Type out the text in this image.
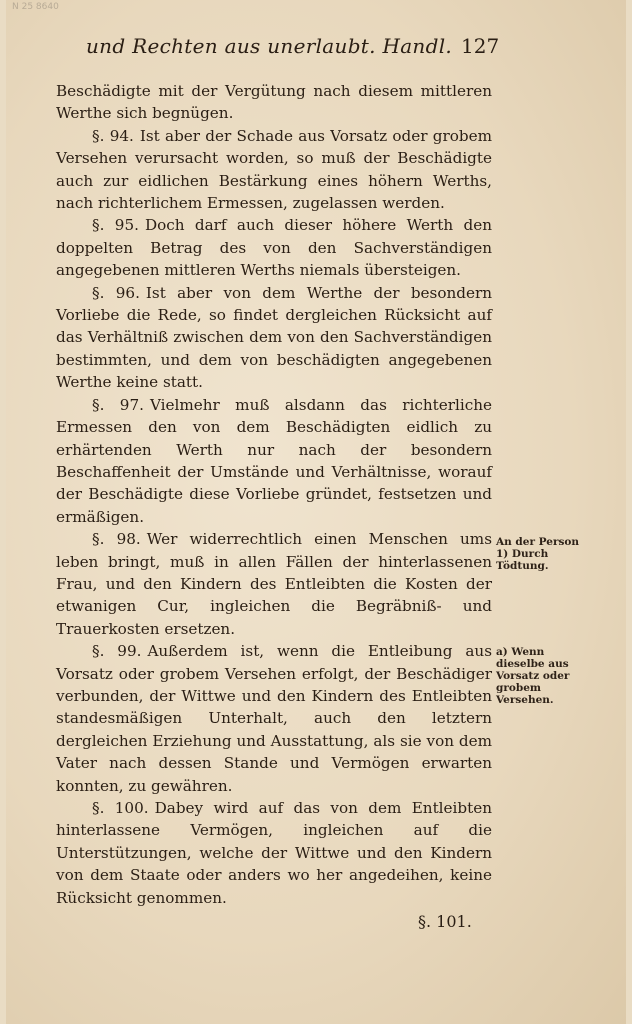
N 25 8640
und Rechten aus unerlaubt. Handl. 127

Beschädigte mit der Vergütung nach diesem mittleren Werthe sich begnügen.

§. 94. Ist aber der Schade aus Vorsatz oder grobem Versehen verursacht worden, so muß der Beschädigte auch zur eidlichen Bestärkung eines höhern Werths, nach richterlichem Ermessen, zugelassen werden.

§. 95. Doch darf auch dieser höhere Werth den doppelten Betrag des von den Sachverständigen angegebenen mittleren Werths niemals übersteigen.

§. 96. Ist aber von dem Werthe der besondern Vorliebe die Rede, so findet dergleichen Rücksicht auf das Verhältniß zwischen dem von den Sachverständigen bestimmten, und dem von beschädigten angegebenen Werthe keine statt.

§. 97. Vielmehr muß alsdann das richterliche Ermessen den von dem Beschädigten eidlich zu erhärtenden Werth nur nach der besondern Beschaffenheit der Umstände und Verhältnisse, worauf der Beschädigte diese Vorliebe gründet, festsetzen und ermäßigen.

§. 98. Wer widerrechtlich einen Menschen ums leben bringt, muß in allen Fällen der hinterlassenen Frau, und den Kindern des Entleibten die Kosten der etwanigen Cur, ingleichen die Begräbniß- und Trauerkosten ersetzen.

§. 99. Außerdem ist, wenn die Entleibung aus Vorsatz oder grobem Versehen erfolgt, der Beschädiger verbunden, der Wittwe und den Kindern des Entleibten standesmäßigen Unterhalt, auch den letztern dergleichen Erziehung und Ausstattung, als sie von dem Vater nach dessen Stande und Vermögen erwarten konnten, zu gewähren.

§. 100. Dabey wird auf das von dem Entleibten hinterlassene Vermögen, ingleichen auf die Unterstützungen, welche der Wittwe und den Kindern von dem Staate oder anders wo her angedeihen, keine Rücksicht genommen.

An der Person 1) Durch Tödtung.
a) Wenn dieselbe aus Vorsatz oder grobem Versehen.
§. 101.
